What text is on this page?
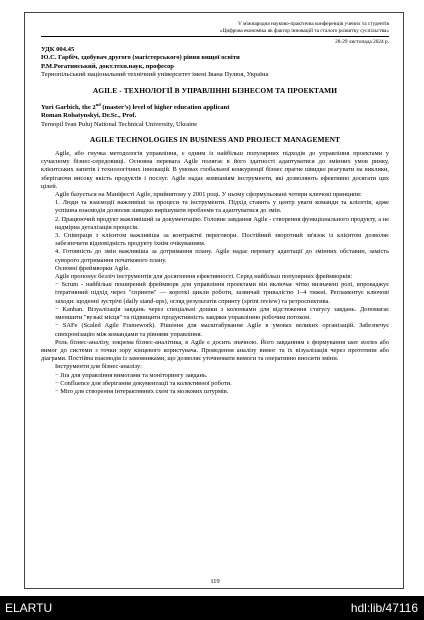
V міжнародна науково-практична конференція учених та студентів
«Цифрова економіка як фактор інновацій та сталого розвитку суспільства»
28-29 листопада 2024 р.
УДК 004.45
Ю.С. Гарбіч, здобувач другого (магістерського) рівня вищої освіти
Р.М.Рогатинський, докт.техн.наук, професор
Тернопільський національний технічний університет імені Івана Пулюя, Україна
AGILE - ТЕХНОЛОГІЇ В УПРАВЛІННІ БІЗНЕСОМ ТА ПРОЕКТАМИ
Yuri Garbich, the 2nd (master’s) level of higher education applicant
Roman Rohatynskyi, Dr.Sc., Prof.
Ternopil Ivan Puluj National Technical University, Ukraine
AGILE TECHNOLOGIES IN BUSINESS AND PROJECT MANAGEMENT

Agile, або гнучка методологія управління, є одним із найбільш популярних підходів до управління проектами у сучасному бізнес-середовищі. Основна перевага Agile полягає в його здатності адаптуватися до змінних умов ринку, клієнтських запитів і технологічних інновацій. В умовах глобальної конкуренції бізнес прагне швидко реагувати на виклики, зберігаючи високу якість продуктів і послуг. Agile надає компаніям інструменти, які дозволяють ефективно досягати цих цілей.

Agile базується на Маніфесті Agile, прийнятому у 2001 році. У ньому сформульовані чотири ключові принципи:

1. Люди та взаємодії важливіші за процеси та інструменти. Підхід ставить у центр уваги команди та клієнтів, адже успішна взаємодія дозволяє швидко вирішувати проблеми та адаптуватися до змін.

2. Працюючий продукт важливіший за документацію. Головне завдання Agile - створення функціонального продукту, а не надмірна деталізація процесів.

3. Співпраця з клієнтом важливіша за контрактні переговори. Постійний зворотний зв'язок із клієнтом дозволяє забезпечити відповідність продукту їхнім очікуванням.

4. Готовність до змін важливіша за дотримання плану. Agile надає перевагу адаптації до змінних обставин, замість суворого дотримання початкового плану.

Основні фреймворки Agile.

Agile пропонує безліч інструментів для досягнення ефективності. Серед найбільш популярних фреймворків:

− Scrum - найбільш поширений фреймворк для управління проектами він включає чітко визначені ролі, впроваджує ітеративний підхід через "спринти" — короткі цикли роботи, зазвичай тривалістю 1–4 тижні. Регламентує ключові заходи: щоденні зустрічі (daily stand-ups), огляд результатів спринту (sprint review) та ретроспектива.

− Kanban. Візуалізація завдань через спеціальні дошки з колонками для відстеження статусу завдань. Допомагає зменшити "вузькі місця" та підвищити продуктивність завдяки управлінню робочим потоком.

− SAFe (Scaled Agile Framework). Рішення для масштабування Agile в умовах великих організацій. Забезпечує синхронізацію між командами та рівнями управління.

Роль бізнес-аналізу, зокрема бізнес-аналітика, в Agile є досить значною. Його завданням є формування user stories або вимог до системи з точки зору кінцевого користувача. Проведення аналізу вимог та їх візуалізація через прототипи або діаграми. Постійна взаємодія із замовниками, що дозволяє уточнювати вимоги та оперативно вносити зміни.

Інструменти для бізнес-аналізу:

− Jira для управління вимогами та моніторингу завдань.

− Confluence для зберігання документації та колективної роботи.

− Miro для створення інтерактивних схем та мозкових штурмів.

119
ELARTU	hdl:lib/47116
